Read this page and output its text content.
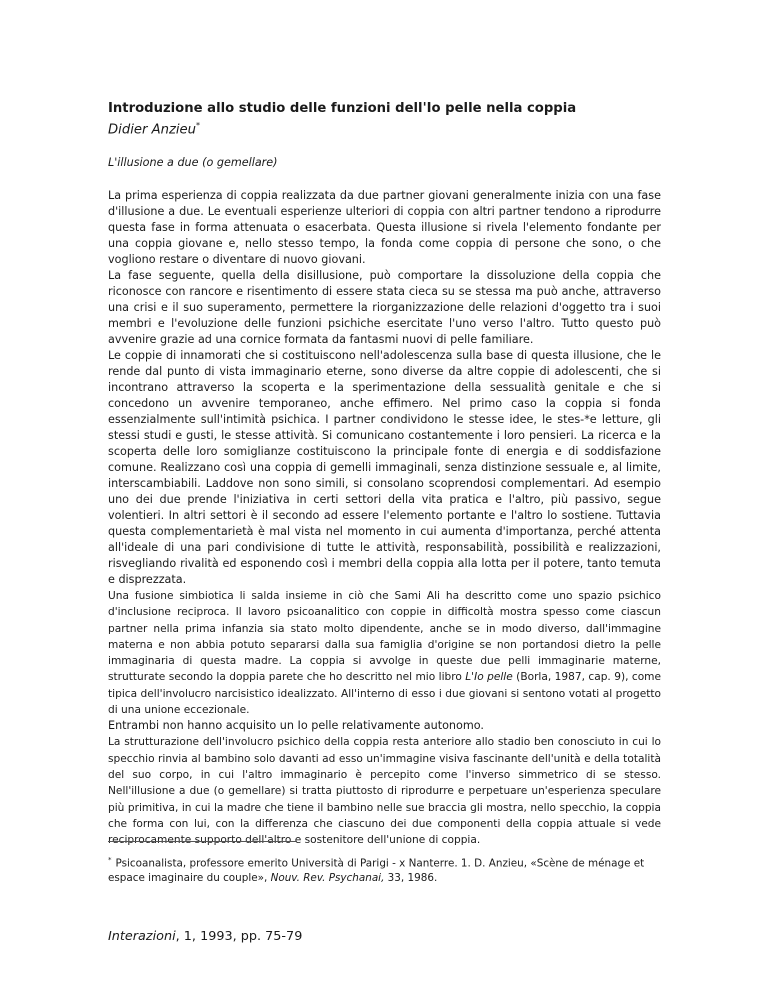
Introduzione allo studio delle funzioni dell'Io pelle nella coppia

Didier Anzieu*

L'illusione a due (o gemellare)

La prima esperienza di coppia realizzata da due partner giovani generalmente inizia con una fase d'illusione a due. Le eventuali esperienze ulteriori di coppia con altri partner tendono a riprodurre questa fase in forma attenuata o esacerbata. Questa illusione si rivela l'elemento fondante per una coppia giovane e, nello stesso tempo, la fonda come coppia di persone che sono, o che vogliono restare o diventare di nuovo giovani.

La fase seguente, quella della disillusione, può comportare la dissoluzione della coppia che riconosce con rancore e risentimento di essere stata cieca su se stessa ma può anche, attraverso una crisi e il suo superamento, permettere la riorganizzazione delle relazioni d'oggetto tra i suoi membri e l'evoluzione delle funzioni psichiche esercitate l'uno verso l'altro. Tutto questo può avvenire grazie ad una cornice formata da fantasmi nuovi di pelle familiare.

Le coppie di innamorati che si costituiscono nell'adolescenza sulla base di questa illusione, che le rende dal punto di vista immaginario eterne, sono diverse da altre coppie di adolescenti, che si incontrano attraverso la scoperta e la sperimentazione della sessualità genitale e che si concedono un avvenire temporaneo, anche effimero. Nel primo caso la coppia si fonda essenzialmente sull'intimità psichica. I partner condividono le stesse idee, le stes-*e letture, gli stessi studi e gusti, le stesse attività. Si comunicano costantemente i loro pensieri. La ricerca e la scoperta delle loro somiglianze costituiscono la principale fonte di energia e di soddisfazione comune. Realizzano così una coppia di gemelli immaginali, senza distinzione sessuale e, al limite, interscambiabili. Laddove non sono simili, si consolano scoprendosi complementari. Ad esempio uno dei due prende l'iniziativa in certi settori della vita pratica e l'altro, più passivo, segue volentieri. In altri settori è il secondo ad essere l'elemento portante e l'altro lo sostiene. Tuttavia questa complementarietà è mal vista nel momento in cui aumenta d'importanza, perché attenta all'ideale di una pari condivisione di tutte le attività, responsabilità, possibilità e realizzazioni, risvegliando rivalità ed esponendo così i membri della coppia alla lotta per il potere, tanto temuta e disprezzata.

Una fusione simbiotica li salda insieme in ciò che Sami Ali ha descritto come uno spazio psichico d'inclusione reciproca. Il lavoro psicoanalitico con coppie in difficoltà mostra spesso come ciascun partner nella prima infanzia sia stato molto dipendente, anche se in modo diverso, dall'immagine materna e non abbia potuto separarsi dalla sua famiglia d'origine se non portandosi dietro la pelle immaginaria di questa madre. La coppia si avvolge in queste due pelli immaginarie materne, strutturate secondo la doppia parete che ho descritto nel mio libro L'Io pelle (Borla, 1987, cap. 9), come tipica dell'involucro narcisistico idealizzato. All'interno di esso i due giovani si sentono votati al progetto di una unione eccezionale.

Entrambi non hanno acquisito un Io pelle relativamente autonomo.

La strutturazione dell'involucro psichico della coppia resta anteriore allo stadio ben conosciuto in cui lo specchio rinvia al bambino solo davanti ad esso un'immagine visiva fascinante dell'unità e della totalità del suo corpo, in cui l'altro immaginario è percepito come l'inverso simmetrico di se stesso. Nell'illusione a due (o gemellare) si tratta piuttosto di riprodurre e perpetuare un'esperienza speculare più primitiva, in cui la madre che tiene il bambino nelle sue braccia gli mostra, nello specchio, la coppia che forma con lui, con la differenza che ciascuno dei due componenti della coppia attuale si vede reciprocamente supporto dell'altro e sostenitore dell'unione di coppia.

* Psicoanalista, professore emerito Università di Parigi - x Nanterre. 1. D. Anzieu, «Scène de ménage et espace imaginaire du couple», Nouv. Rev. Psychanai, 33, 1986.
Interazioni, 1, 1993, pp. 75-79
